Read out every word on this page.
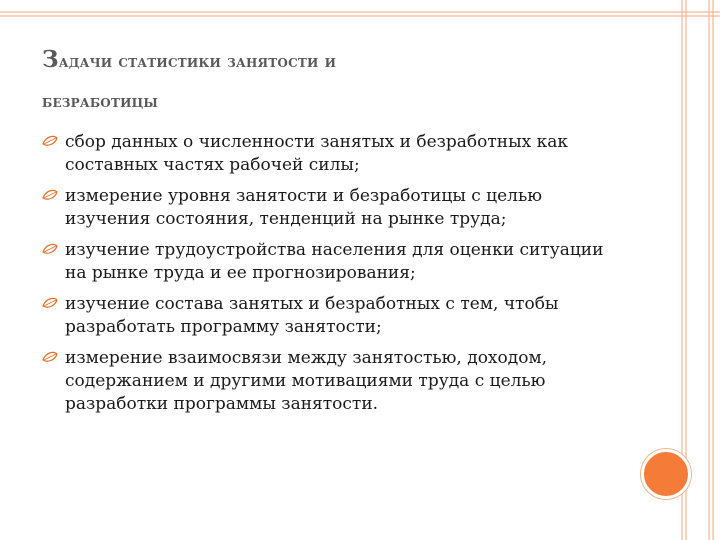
Задачи статистики занятости и
безработицы
сбор данных о численности занятых и безработных как составных частях рабочей силы;
измерение уровня занятости и безработицы с целью изучения состояния, тенденций на рынке труда;
изучение трудоустройства населения для оценки ситуации на рынке труда и ее прогнозирования;
изучение состава занятых и безработных с тем, чтобы разработать программу занятости;
измерение взаимосвязи между занятостью, доходом, содержанием и другими мотивациями труда с целью разработки программы занятости.
